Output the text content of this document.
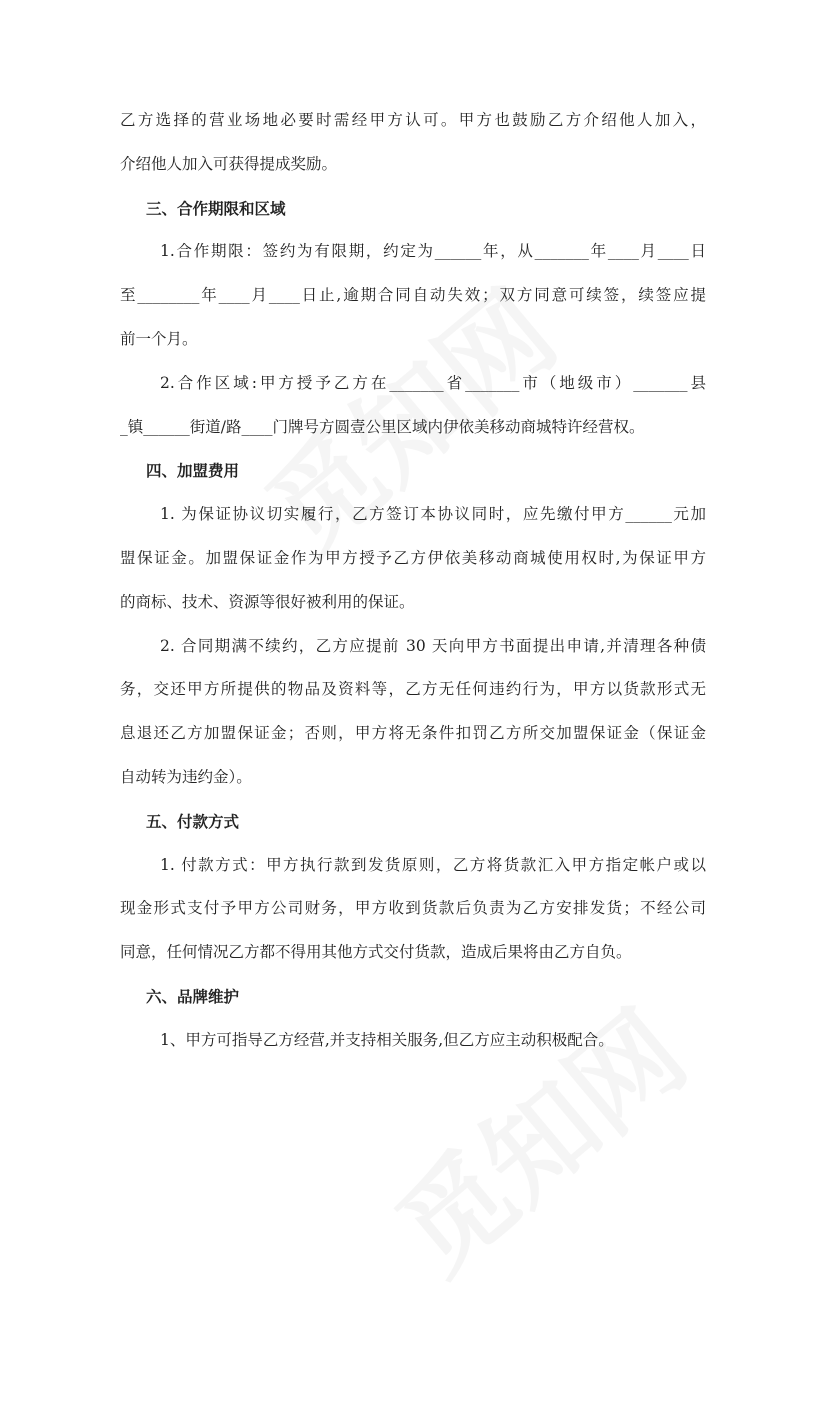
乙方选择的营业场地必要时需经甲方认可。甲方也鼓励乙方介绍他人加入，
介绍他人加入可获得提成奖励。
三、合作期限和区域
1.合作期限：签约为有限期，约定为______年，从_______年____月____日
至________年____月____日止,逾期合同自动失效；双方同意可续签，续签应提
前一个月。
2.合作区域:甲方授予乙方在_______省_______市（地级市）_______县
_镇______街道/路____门牌号方圆壹公里区域内伊依美移动商城特许经营权。
四、加盟费用
1. 为保证协议切实履行，乙方签订本协议同时，应先缴付甲方______元加
盟保证金。加盟保证金作为甲方授予乙方伊依美移动商城使用权时,为保证甲方
的商标、技术、资源等很好被利用的保证。
2. 合同期满不续约，乙方应提前 30 天向甲方书面提出申请,并清理各种债
务，交还甲方所提供的物品及资料等，乙方无任何违约行为，甲方以货款形式无
息退还乙方加盟保证金；否则，甲方将无条件扣罚乙方所交加盟保证金（保证金
自动转为违约金）。
五、付款方式
1. 付款方式：甲方执行款到发货原则，乙方将货款汇入甲方指定帐户或以
现金形式支付予甲方公司财务，甲方收到货款后负责为乙方安排发货；不经公司
同意，任何情况乙方都不得用其他方式交付货款，造成后果将由乙方自负。
六、品牌维护
1、甲方可指导乙方经营,并支持相关服务,但乙方应主动积极配合。
